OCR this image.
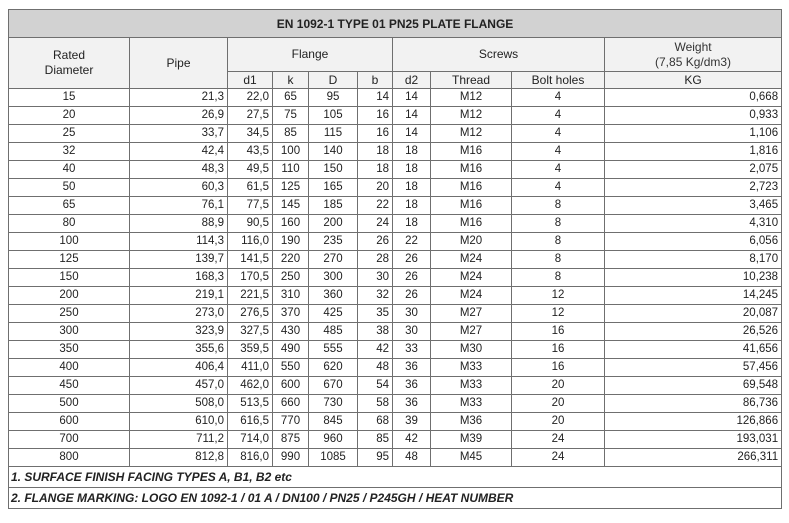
EN 1092-1 TYPE 01 PN25 PLATE FLANGE									
Rated
Diameter	Pipe	Flange				Screws			Weight
(7,85 Kg/dm3)
		d1	k	D	b	d2	Thread	Bolt holes	KG
15	21,3	22,0	65	95	14	14	M12	4	0,668
20	26,9	27,5	75	105	16	14	M12	4	0,933
25	33,7	34,5	85	115	16	14	M12	4	1,106
32	42,4	43,5	100	140	18	18	M16	4	1,816
40	48,3	49,5	110	150	18	18	M16	4	2,075
50	60,3	61,5	125	165	20	18	M16	4	2,723
65	76,1	77,5	145	185	22	18	M16	8	3,465
80	88,9	90,5	160	200	24	18	M16	8	4,310
100	114,3	116,0	190	235	26	22	M20	8	6,056
125	139,7	141,5	220	270	28	26	M24	8	8,170
150	168,3	170,5	250	300	30	26	M24	8	10,238
200	219,1	221,5	310	360	32	26	M24	12	14,245
250	273,0	276,5	370	425	35	30	M27	12	20,087
300	323,9	327,5	430	485	38	30	M27	16	26,526
350	355,6	359,5	490	555	42	33	M30	16	41,656
400	406,4	411,0	550	620	48	36	M33	16	57,456
450	457,0	462,0	600	670	54	36	M33	20	69,548
500	508,0	513,5	660	730	58	36	M33	20	86,736
600	610,0	616,5	770	845	68	39	M36	20	126,866
700	711,2	714,0	875	960	85	42	M39	24	193,031
800	812,8	816,0	990	1085	95	48	M45	24	266,311
1. SURFACE FINISH FACING TYPES A, B1, B2 etc									
2. FLANGE MARKING: LOGO EN 1092-1 / 01 A / DN100 / PN25 / P245GH / HEAT NUMBER									
